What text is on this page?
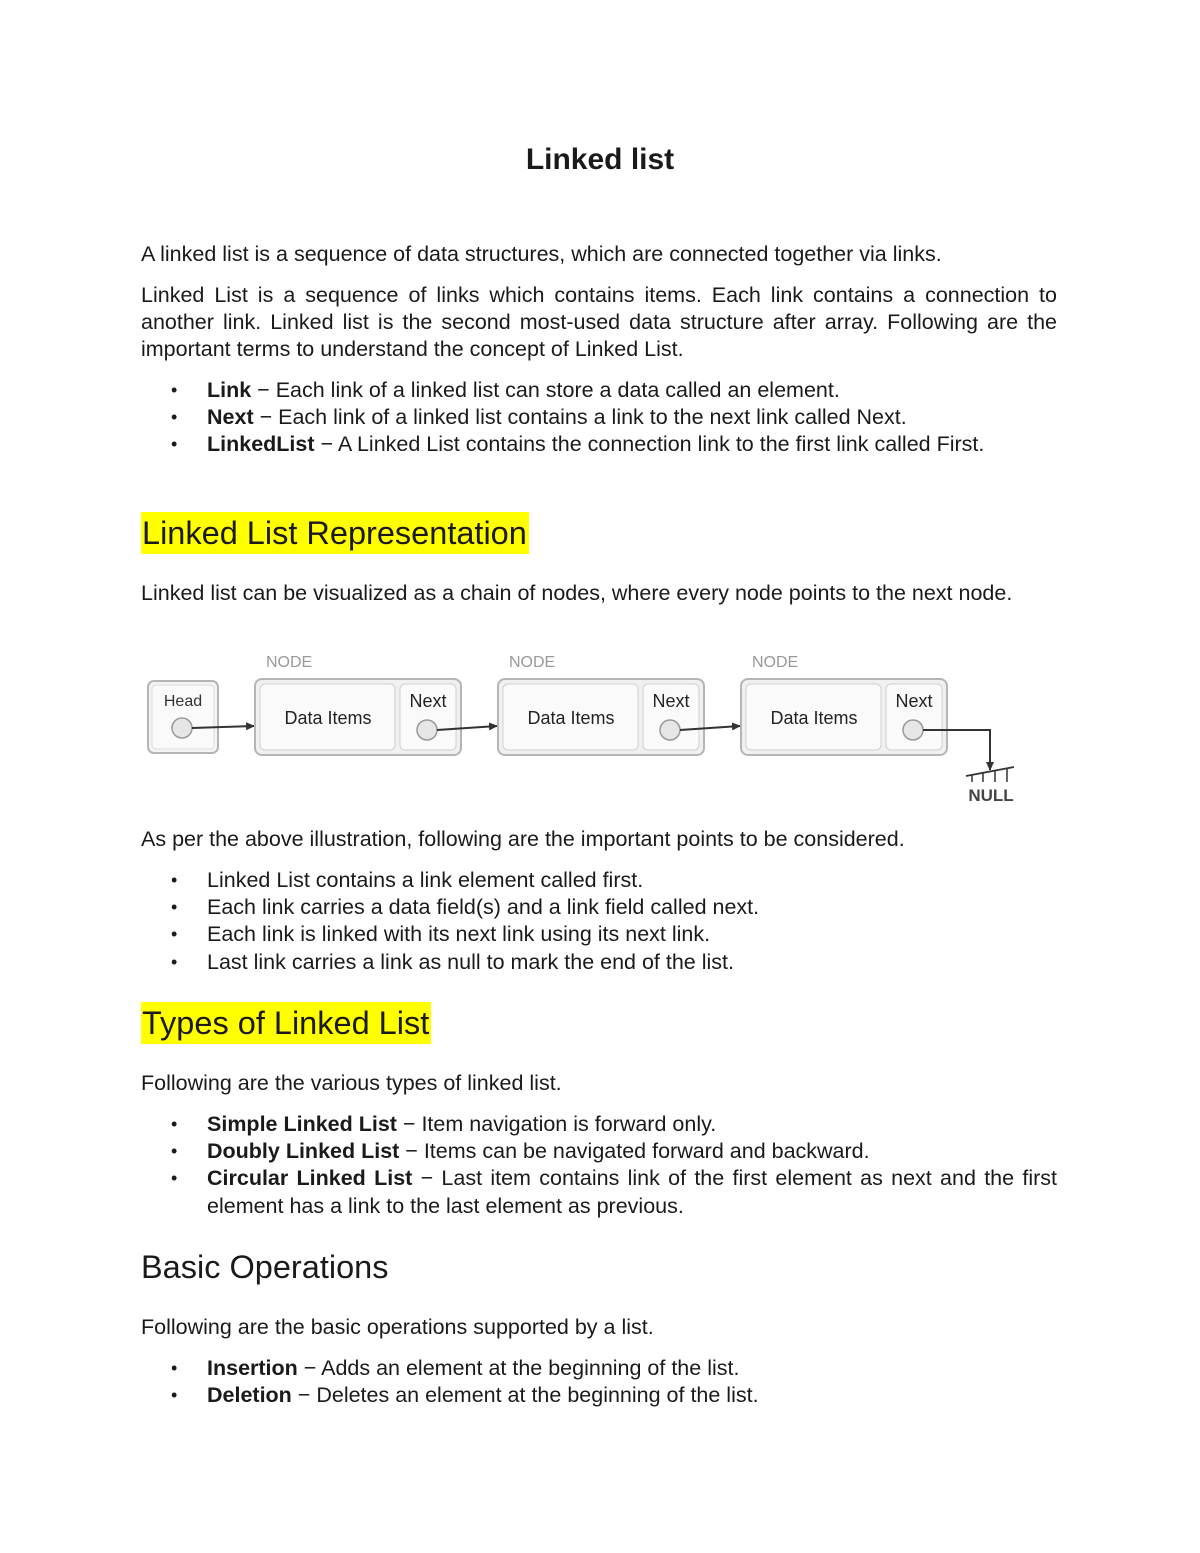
Linked list

A linked list is a sequence of data structures, which are connected together via links.

Linked List is a sequence of links which contains items. Each link contains a connection to another link. Linked list is the second most-used data structure after array. Following are the important terms to understand the concept of Linked List.

• Link − Each link of a linked list can store a data called an element.
• Next − Each link of a linked list contains a link to the next link called Next.
• LinkedList − A Linked List contains the connection link to the first link called First.
Linked List Representation

Linked list can be visualized as a chain of nodes, where every node points to the next node.

Head
NODE
Data Items
Next
NODE
Data Items
Next
NODE
Data Items
Next
NULL

As per the above illustration, following are the important points to be considered.

• Linked List contains a link element called first.
• Each link carries a data field(s) and a link field called next.
• Each link is linked with its next link using its next link.
• Last link carries a link as null to mark the end of the list.
Types of Linked List

Following are the various types of linked list.

• Simple Linked List − Item navigation is forward only.
• Doubly Linked List − Items can be navigated forward and backward.
• Circular Linked List − Last item contains link of the first element as next and the first element has a link to the last element as previous.
Basic Operations

Following are the basic operations supported by a list.

• Insertion − Adds an element at the beginning of the list.
• Deletion − Deletes an element at the beginning of the list.
